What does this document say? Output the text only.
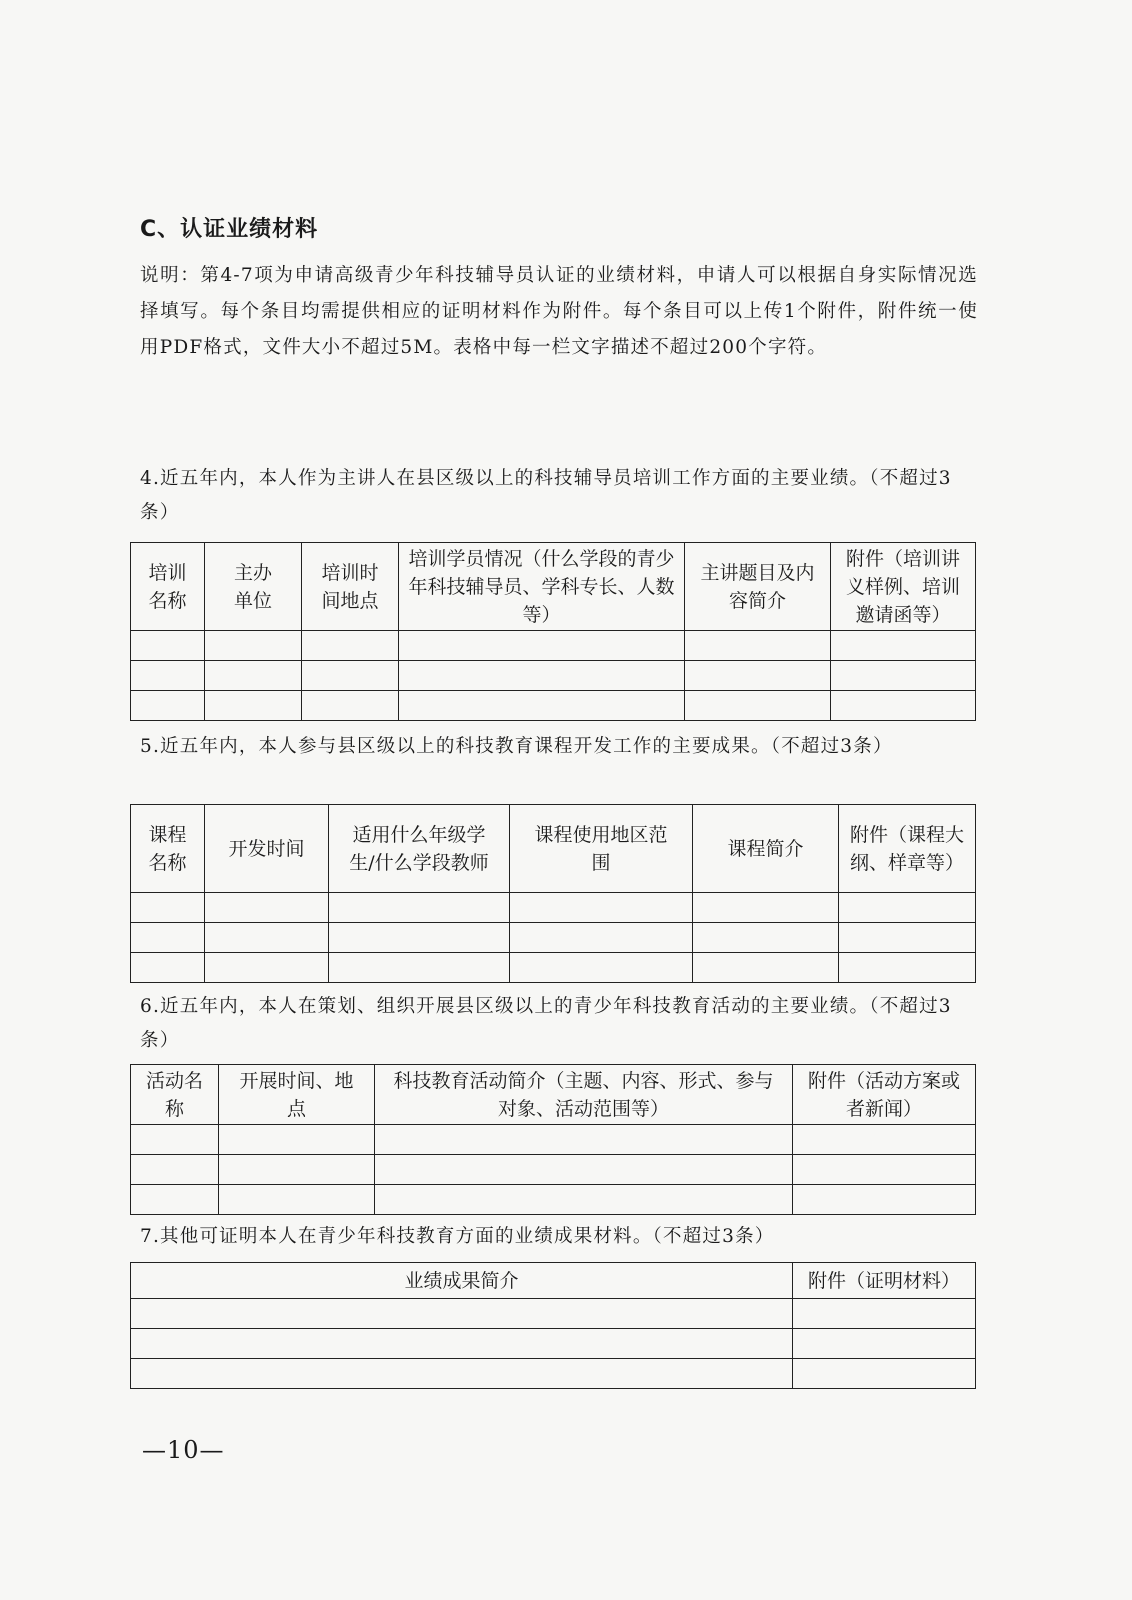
C、认证业绩材料

说明：第4-7项为申请高级青少年科技辅导员认证的业绩材料，申请人可以根据自身实际情况选择填写。每个条目均需提供相应的证明材料作为附件。每个条目可以上传1个附件，附件统一使用PDF格式，文件大小不超过5M。表格中每一栏文字描述不超过200个字符。

4.近五年内，本人作为主讲人在县区级以上的科技辅导员培训工作方面的主要业绩。（不超过3条）

培训名称	主办单位	培训时间地点	培训学员情况（什么学段的青少年科技辅导员、学科专长、人数等）	主讲题目及内容简介	附件（培训讲义样例、培训邀请函等）

5.近五年内，本人参与县区级以上的科技教育课程开发工作的主要成果。（不超过3条）

课程名称	开发时间	适用什么年级学生/什么学段教师	课程使用地区范围	课程简介	附件（课程大纲、样章等）

6.近五年内，本人在策划、组织开展县区级以上的青少年科技教育活动的主要业绩。（不超过3条）

活动名称	开展时间、地点	科技教育活动简介（主题、内容、形式、参与对象、活动范围等）	附件（活动方案或者新闻）

7.其他可证明本人在青少年科技教育方面的业绩成果材料。（不超过3条）

业绩成果简介	附件（证明材料）

—10—
